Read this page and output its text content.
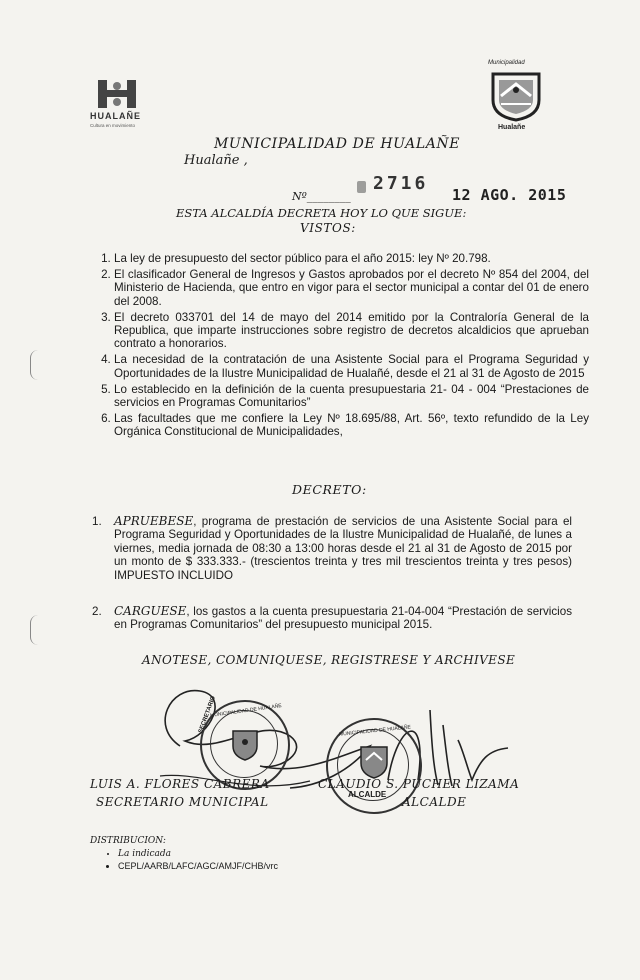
HUALAÑE
Cultura en movimiento
Municipalidad
Hualañe
MUNICIPALIDAD DE HUALAÑE
Hualañe ,
Nº________
2716
12 AGO. 2015
ESTA ALCALDÍA DECRETA HOY LO QUE SIGUE:
VISTOS:
1. La ley de presupuesto del sector público para el año 2015: ley Nº 20.798.
2. El clasificador General de Ingresos y Gastos aprobados por el decreto Nº 854 del 2004, del Ministerio de Hacienda, que entro en vigor para el sector municipal a contar del 01 de enero del 2008.
3. El decreto 033701 del 14 de mayo del 2014 emitido por la Contraloría General de la Republica, que imparte instrucciones sobre registro de decretos alcaldicios que aprueban contrato a honorarios.
4. La necesidad de la contratación de una Asistente Social para el Programa Seguridad y Oportunidades de la Ilustre Municipalidad de Hualañé, desde el 21 al 31 de Agosto de 2015
5. Lo establecido en la definición de la cuenta presupuestaria 21- 04 - 004 “Prestaciones de servicios en Programas Comunitarios”
6. Las facultades que me confiere la Ley Nº 18.695/88, Art. 56º, texto refundido de la Ley Orgánica Constitucional de Municipalidades,
DECRETO:
1.	APRUEBESE, programa de prestación de servicios de una Asistente Social para el Programa Seguridad y Oportunidades de la Ilustre Municipalidad de Hualañé, de lunes a viernes, media jornada de 08:30 a 13:00 horas desde el 21 al 31 de Agosto de 2015 por un monto de $ 333.333.- (trescientos treinta y tres mil trescientos treinta y tres pesos) IMPUESTO INCLUIDO
2.	CARGUESE, los gastos a la cuenta presupuestaria 21-04-004 “Prestación de servicios en Programas Comunitarios” del presupuesto municipal 2015.
ANOTESE, COMUNIQUESE, REGISTRESE Y ARCHIVESE
MUNICIPALIDAD DE HUALAÑE
SECRETARIO	MUNICIPALIDAD DE HUALAÑE
ALCALDE
LUIS A. FLORES CABRERA
SECRETARIO MUNICIPAL
CLAUDIO S. PUCHER LIZAMA
ALCALDE
DISTRIBUCION:
• La indicada
• CEPL/AARB/LAFC/AGC/AMJF/CHB/vrc
